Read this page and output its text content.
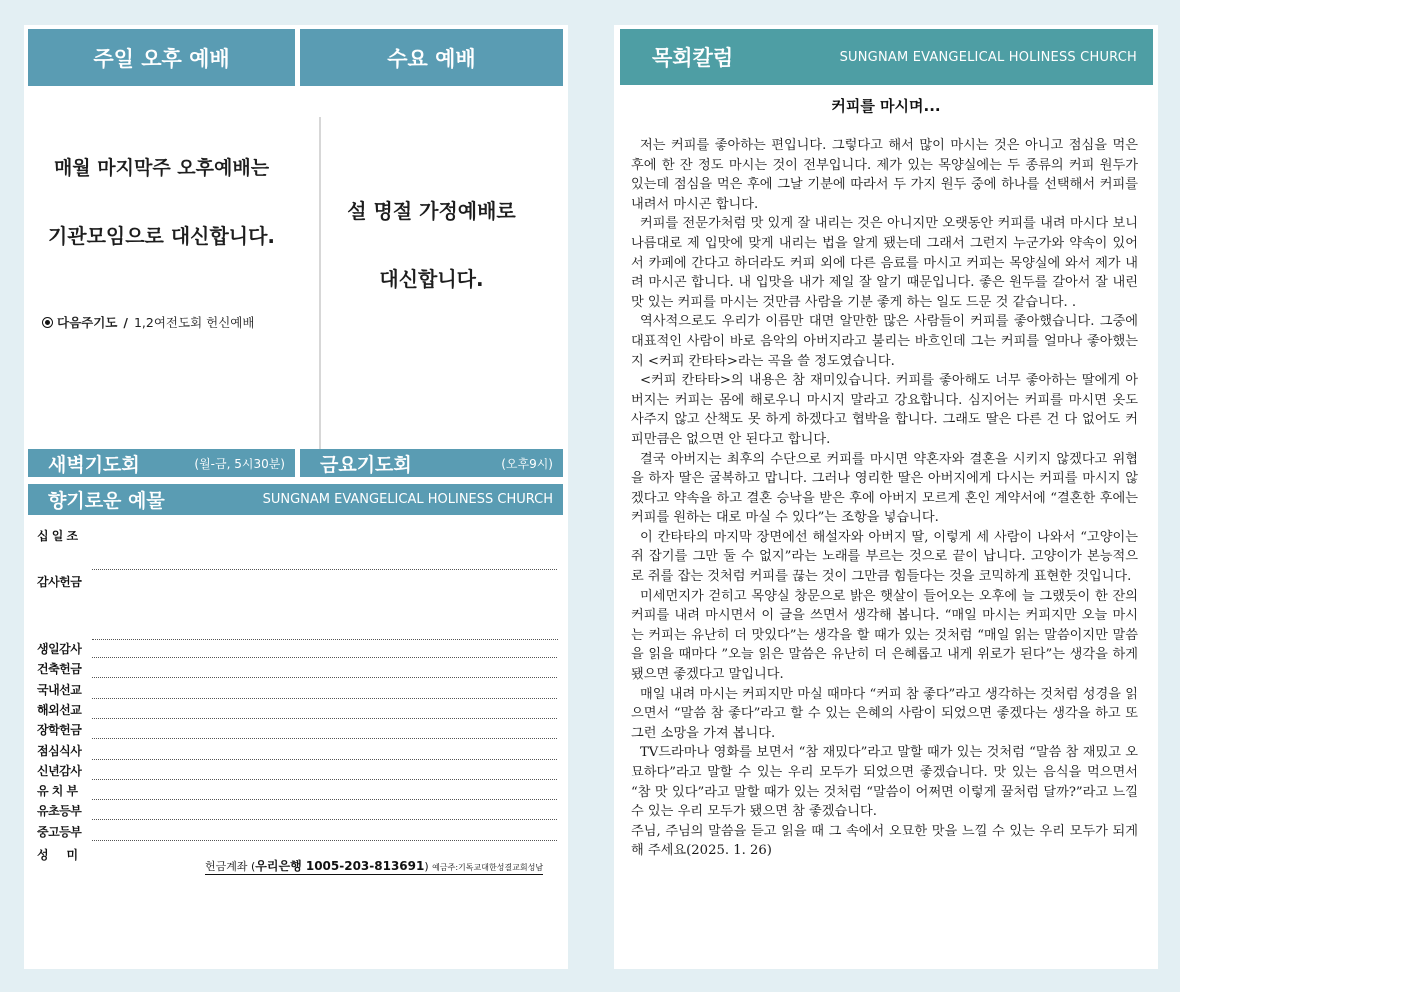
주일 오후 예배	수요 예배
매월 마지막주 오후예배는
기관모임으로 대신합니다.
다음주기도 / 1,2여전도회 헌신예배
설 명절 가정예배로
대신합니다.
새벽기도회	(월-금, 5시30분) 금요기도회	(오후9시)
향기로운 예물	SUNGNAM EVANGELICAL HOLINESS CHURCH
십 일 조
감사헌금
생일감사
건축헌금
국내선교
해외선교
장학헌금
점심식사
신년감사
유 치 부
유초등부
중고등부
성     미
헌금계좌 (우리은행 1005-203-813691) 예금주:기독교대한성결교회성남
목회칼럼	SUNGNAM EVANGELICAL HOLINESS CHURCH
커피를 마시며...

저는 커피를 좋아하는 편입니다. 그렇다고 해서 많이 마시는 것은 아니고 점심을 먹은 후에 한 잔 정도 마시는 것이 전부입니다. 제가 있는 목양실에는 두 종류의 커피 원두가 있는데 점심을 먹은 후에 그날 기분에 따라서 두 가지 원두 중에 하나를 선택해서 커피를 내려서 마시곤 합니다.

커피를 전문가처럼 맛 있게 잘 내리는 것은 아니지만 오랫동안 커피를 내려 마시다 보니 나름대로 제 입맛에 맞게 내리는 법을 알게 됐는데 그래서 그런지 누군가와 약속이 있어서 카페에 간다고 하더라도 커피 외에 다른 음료를 마시고 커피는 목양실에 와서 제가 내려 마시곤 합니다. 내 입맛을 내가 제일 잘 알기 때문입니다. 좋은 원두를 갈아서 잘 내린 맛 있는 커피를 마시는 것만큼 사람을 기분 좋게 하는 일도 드문 것 같습니다. .

역사적으로도 우리가 이름만 대면 알만한 많은 사람들이 커피를 좋아했습니다. 그중에 대표적인 사람이 바로 음악의 아버지라고 불리는 바흐인데 그는 커피를 얼마나 좋아했는지 <커피 칸타타>라는 곡을 쓸 정도였습니다.

<커피 칸타타>의 내용은 참 재미있습니다. 커피를 좋아해도 너무 좋아하는 딸에게 아버지는 커피는 몸에 해로우니 마시지 말라고 강요합니다. 심지어는 커피를 마시면 옷도 사주지 않고 산책도 못 하게 하겠다고 협박을 합니다. 그래도 딸은 다른 건 다 없어도 커피만큼은 없으면 안 된다고 합니다.

결국 아버지는 최후의 수단으로 커피를 마시면 약혼자와 결혼을 시키지 않겠다고 위협을 하자 딸은 굴복하고 맙니다. 그러나 영리한 딸은 아버지에게 다시는 커피를 마시지 않겠다고 약속을 하고 결혼 승낙을 받은 후에 아버지 모르게 혼인 계약서에 “결혼한 후에는 커피를 원하는 대로 마실 수 있다”는 조항을 넣습니다.

이 칸타타의 마지막 장면에선 해설자와 아버지 딸, 이렇게 세 사람이 나와서 “고양이는 쥐 잡기를 그만 둘 수 없지”라는 노래를 부르는 것으로 끝이 납니다. 고양이가 본능적으로 쥐를 잡는 것처럼 커피를 끊는 것이 그만큼 힘들다는 것을 코믹하게 표현한 것입니다.

미세먼지가 걷히고 목양실 창문으로 밝은 햇살이 들어오는 오후에 늘 그랬듯이 한 잔의 커피를 내려 마시면서 이 글을 쓰면서 생각해 봅니다. “매일 마시는 커피지만 오늘 마시는 커피는 유난히 더 맛있다”는 생각을 할 때가 있는 것처럼 “매일 읽는 말씀이지만 말씀을 읽을 때마다 ”오늘 읽은 말씀은 유난히 더 은혜롭고 내게 위로가 된다”는 생각을 하게 됐으면 좋겠다고 말입니다.

매일 내려 마시는 커피지만 마실 때마다 “커피 참 좋다”라고 생각하는 것처럼 성경을 읽으면서 “말씀 참 좋다”라고 할 수 있는 은혜의 사람이 되었으면 좋겠다는 생각을 하고 또 그런 소망을 가져 봅니다.

TV드라마나 영화를 보면서 “참 재밌다”라고 말할 때가 있는 것처럼 “말씀 참 재밌고 오묘하다”라고 말할 수 있는 우리 모두가 되었으면 좋겠습니다. 맛 있는 음식을 먹으면서 “참 맛 있다”라고 말할 때가 있는 것처럼 “말씀이 어쩌면 이렇게 꿀처럼 달까?”라고 느낄 수 있는 우리 모두가 됐으면 참 좋겠습니다.

주님, 주님의 말씀을 듣고 읽을 때 그 속에서 오묘한 맛을 느낄 수 있는 우리 모두가 되게 해 주세요(2025. 1. 26)
